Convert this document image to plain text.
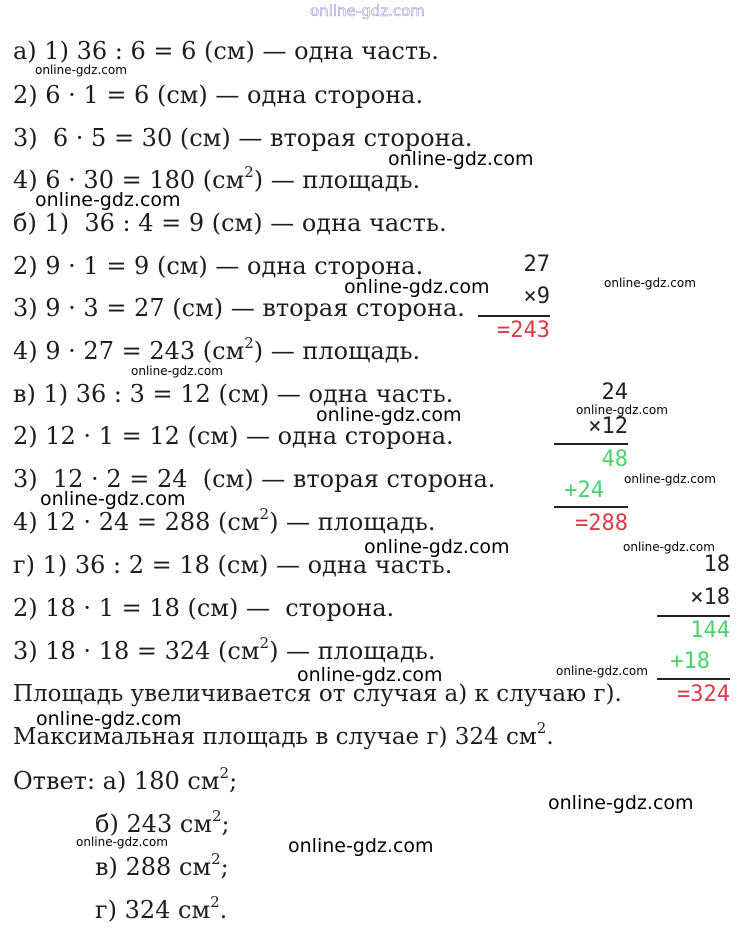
online-gdz.com
а) 1) 36 : 6 = 6 (см) — одна часть.
2) 6 · 1 = 6 (см) — одна сторона.
3)  6 · 5 = 30 (см) — вторая сторона.
4) 6 · 30 = 180 $(см^2)$ — площадь.
б) 1)  36 : 4 = 9 (см) — одна часть.
2) 9 · 1 = 9 (см) — одна сторона.
3) 9 · 3 = 27 (см) — вторая сторона.
4) 9 · 27 = 243 $(см^2)$ — площадь.
в) 1) 36 : 3 = 12 (см) — одна часть.
2) 12 · 1 = 12 (см) — одна сторона.
3)  12 · 2 = 24  (см) — вторая сторона.
4) 12 · 24 = 288 $(см^2)$ — площадь.
г) 1) 36 : 2 = 18 (см) — одна часть.
2) 18 · 1 = 18 (см) —  сторона.
3) 18 · 18 = 324 $(см^2)$ — площадь.
Площадь увеличивается от случая а) к случаю г).
Максимальная площадь в случае г) 324 $см^2$.
Ответ: а) 180 $см^2$;
б) 243 $см^2$;
в) 288 $см^2$;
г) 324 $см^2$.
27
×9
=243
24
×12
48
+24
=288
18
×18
144
+18
=324
online-gdz.com
online-gdz.com
online-gdz.com
online-gdz.com
online-gdz.com
online-gdz.com
online-gdz.com
online-gdz.com
online-gdz.com
online-gdz.com
online-gdz.com	online-gdz.com
online-gdz.com
online-gdz.com
online-gdz.com
online-gdz.com
online-gdz.com	online-gdz.com
